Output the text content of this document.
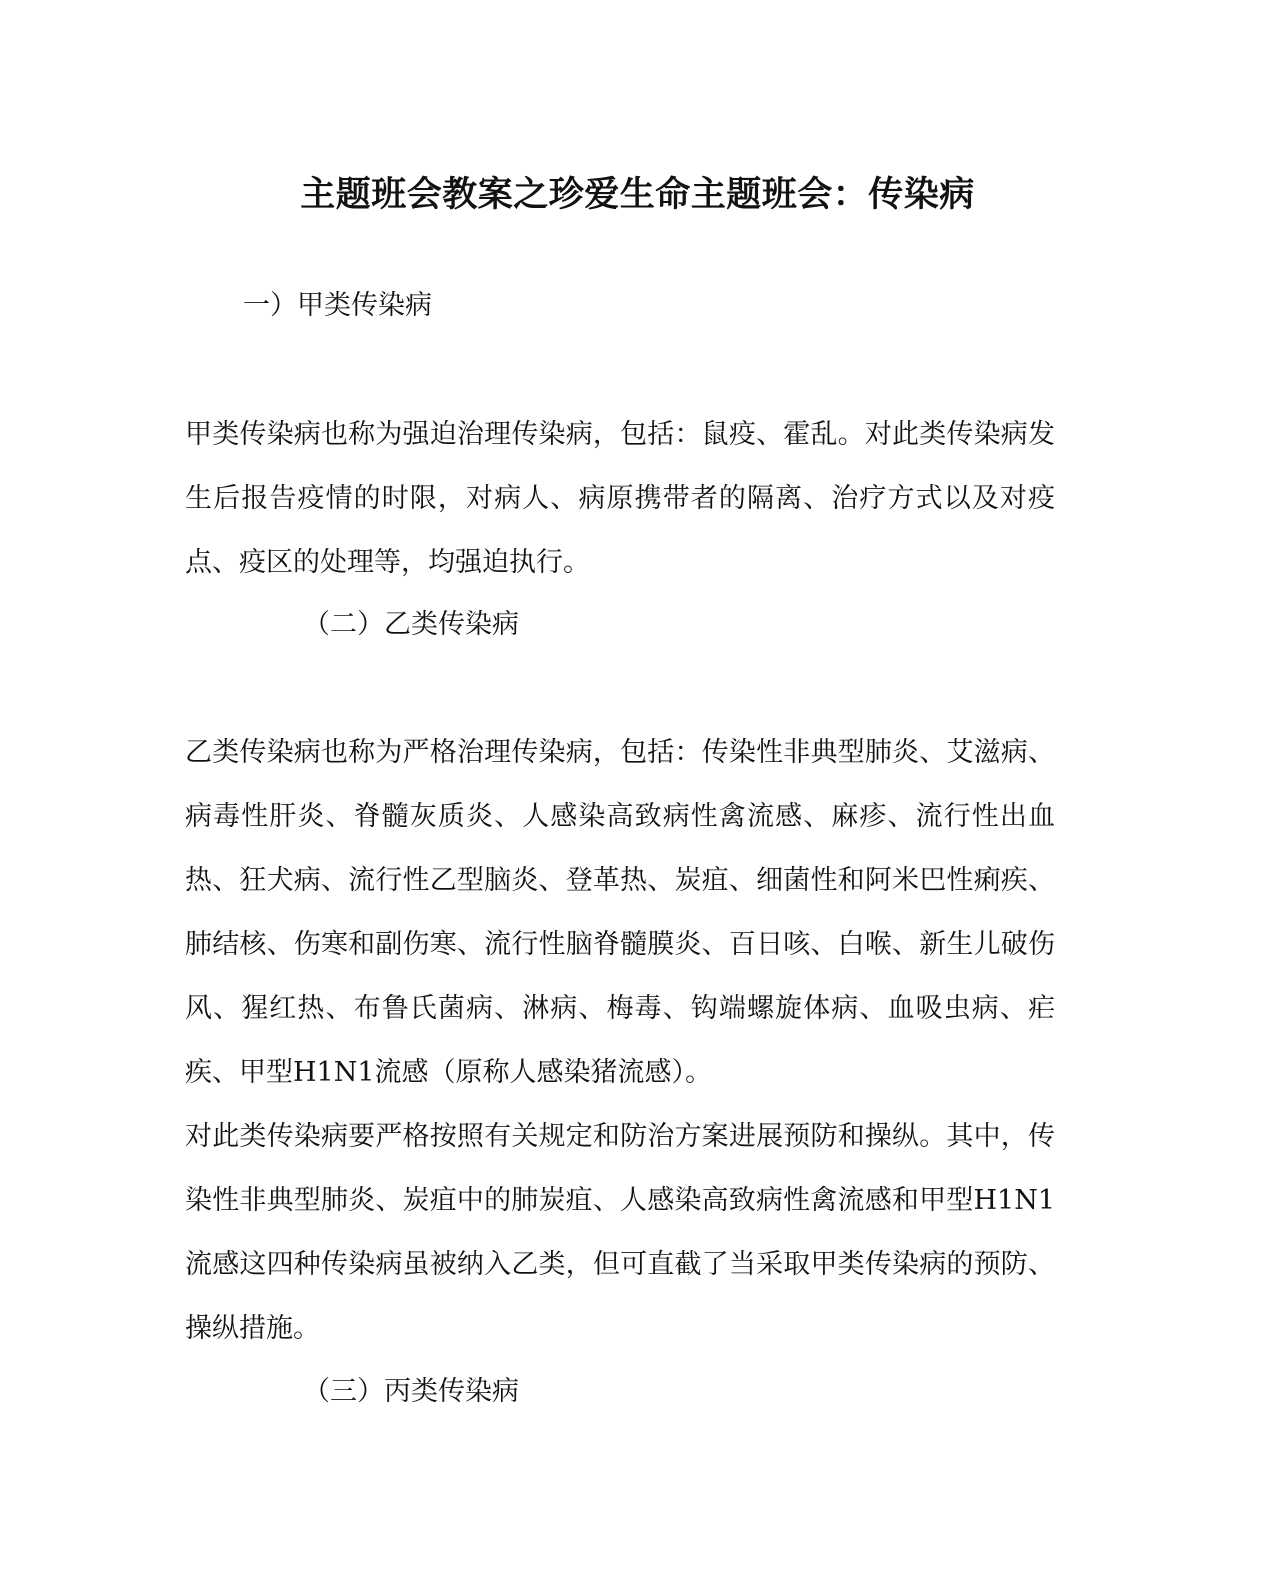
主题班会教案之珍爱生命主题班会：传染病

一）甲类传染病

甲类传染病也称为强迫治理传染病，包括：鼠疫、霍乱。对此类传染病发生后报告疫情的时限，对病人、病原携带者的隔离、治疗方式以及对疫点、疫区的处理等，均强迫执行。

（二）乙类传染病

乙类传染病也称为严格治理传染病，包括：传染性非典型肺炎、艾滋病、病毒性肝炎、脊髓灰质炎、人感染高致病性禽流感、麻疹、流行性出血热、狂犬病、流行性乙型脑炎、登革热、炭疽、细菌性和阿米巴性痢疾、肺结核、伤寒和副伤寒、流行性脑脊髓膜炎、百日咳、白喉、新生儿破伤风、猩红热、布鲁氏菌病、淋病、梅毒、钩端螺旋体病、血吸虫病、疟疾、甲型H1N1流感（原称人感染猪流感）。

对此类传染病要严格按照有关规定和防治方案进展预防和操纵。其中，传染性非典型肺炎、炭疽中的肺炭疽、人感染高致病性禽流感和甲型H1N1流感这四种传染病虽被纳入乙类，但可直截了当采取甲类传染病的预防、操纵措施。

（三）丙类传染病
